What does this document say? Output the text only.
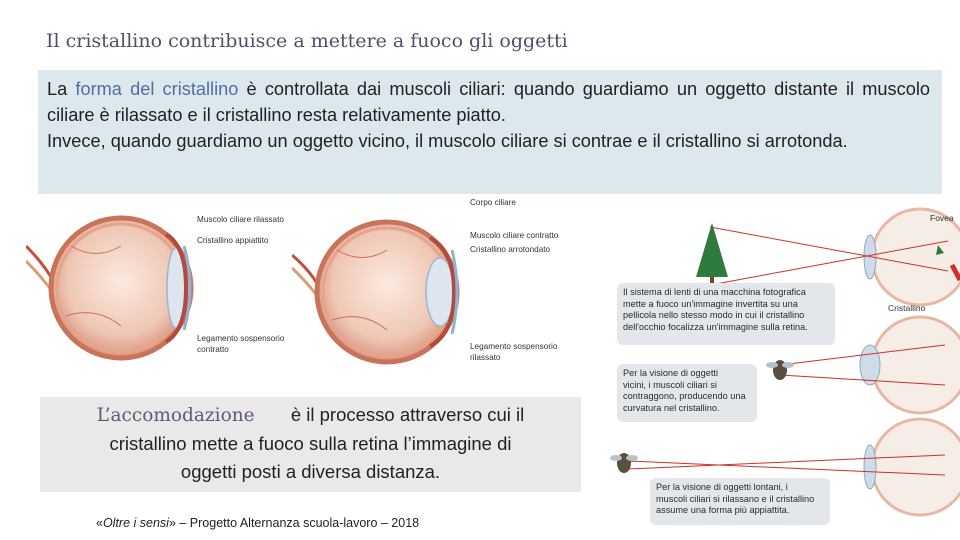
Il cristallino contribuisce a mettere a fuoco gli oggetti
La forma del cristallino è controllata dai muscoli ciliari: quando guardiamo un oggetto distante il muscolo ciliare è rilassato e il cristallino resta relativamente piatto.
Invece, quando guardiamo un oggetto vicino, il muscolo ciliare si contrae e il cristallino si arrotonda.
Muscolo ciliare rilassato
Cristallino appiattito
Legamento sospensorio
contratto
Corpo ciliare
Muscolo ciliare contratto
Cristallino arrotondato
Legamento sospensorio
rilassato
L’accomodazione è il processo attraverso cui il
cristallino mette a fuoco sulla retina l’immagine di
oggetti posti a diversa distanza.
«Oltre i sensi» – Progetto Alternanza scuola-lavoro – 2018
Fovea
Cristallino
Il sistema di lenti di una macchina fotografica
mette a fuoco un'immagine invertita su una
pellicola nello stesso modo in cui il cristallino
dell'occhio focalizza un'immagine sulla retina.
Per la visione di oggetti
vicini, i muscoli ciliari si
contraggono, producendo una
curvatura nel cristallino.
Per la visione di oggetti lontani, i
muscoli ciliari si rilassano e il cristallino
assume una forma più appiattita.
